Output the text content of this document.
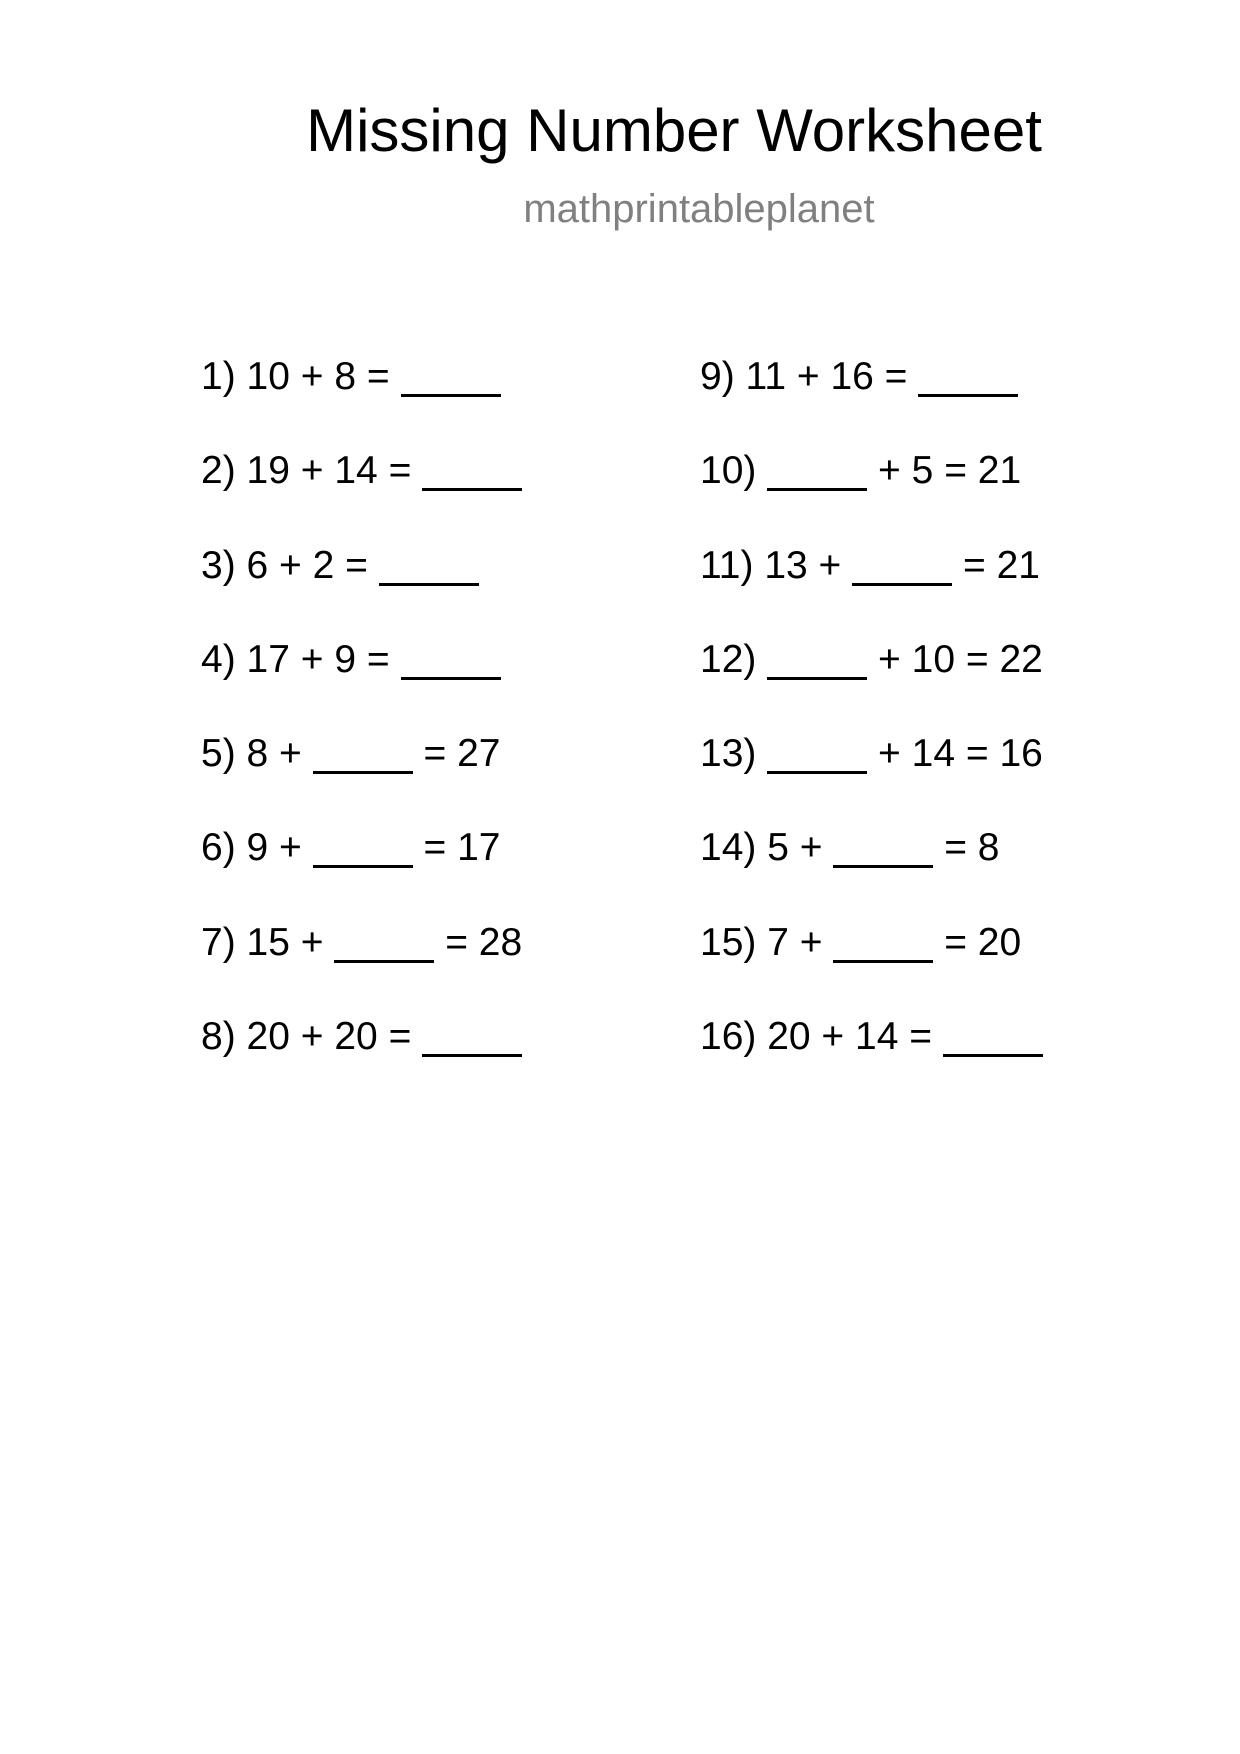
Missing Number Worksheet
mathprintableplanet
1) 10 + 8 =
2) 19 + 14 =
3) 6 + 2 =
4) 17 + 9 =
5) 8 +	= 27
6) 9 +	= 17
7) 15 +	= 28
8) 20 + 20 =
9) 11 + 16 =
10)	+ 5 = 21
11) 13 +	= 21
12)	+ 10 = 22
13)	+ 14 = 16
14) 5 +	= 8
15) 7 +	= 20
16) 20 + 14 =
